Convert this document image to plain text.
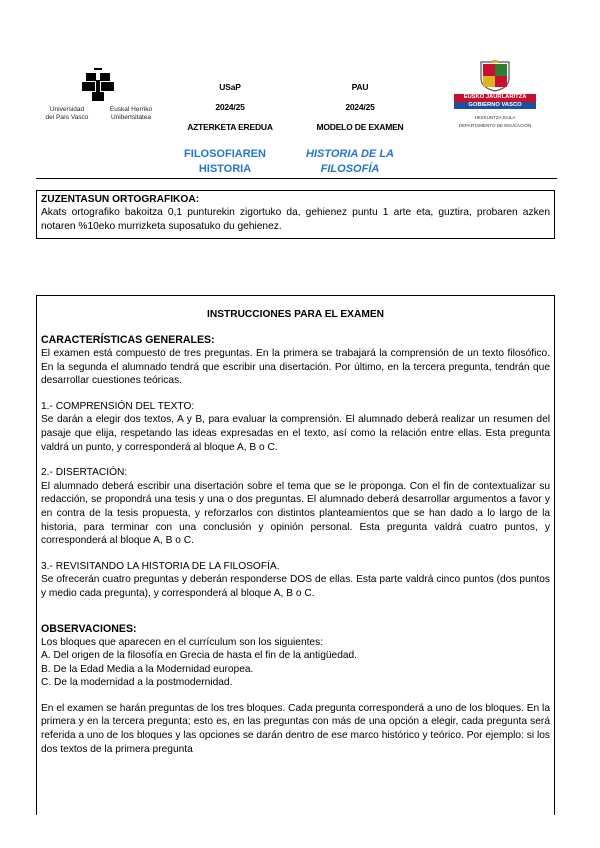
Universidad
del País Vasco
Euskal Herriko
Unibertsitatea
USaP
2024/25
AZTERKETA EREDUA
PAU
2024/25
MODELO DE EXAMEN
EUSKO JAURLARITZA
GOBIERNO VASCO
HEZKUNTZA SAILA
DEPARTAMENTO DE EDUCACIÓN
FILOSOFIAREN
HISTORIA
HISTORIA DE LA
FILOSOFÍA
ZUZENTASUN ORTOGRAFIKOA:

Akats ortografiko bakoitza 0,1 punturekin zigortuko da, gehienez puntu 1 arte eta, guztira, probaren azken notaren %10eko murrizketa suposatuko du gehienez.

INSTRUCCIONES PARA EL EXAMEN
CARACTERÍSTICAS GENERALES:

El examen está compuesto de tres preguntas. En la primera se trabajará la comprensión de un texto filosófico. En la segunda el alumnado tendrá que escribir una disertación. Por último, en la tercera pregunta, tendrán que desarrollar cuestiones teóricas.

1.- COMPRENSIÓN DEL TEXTO:

Se darán a elegir dos textos, A y B, para evaluar la comprensión. El alumnado deberá realizar un resumen del pasaje que elija, respetando las ideas expresadas en el texto, así como la relación entre ellas. Esta pregunta valdrá un punto, y corresponderá al bloque A, B o C.

2.- DISERTACIÓN:

El alumnado deberá escribir una disertación sobre el tema que se le proponga. Con el fin de contextualizar su redacción, se propondrá una tesis y una o dos preguntas. El alumnado deberá desarrollar argumentos a favor y en contra de la tesis propuesta, y reforzarlos con distintos planteamientos que se han dado a lo largo de la historia, para terminar con una conclusión y opinión personal. Esta pregunta valdrá cuatro puntos, y corresponderá al bloque A, B o C.

3.- REVISITANDO LA HISTORIA DE LA FILOSOFÍA.

Se ofrecerán cuatro preguntas y deberán responderse DOS de ellas. Esta parte valdrá cinco puntos (dos puntos y medio cada pregunta), y corresponderá al bloque A, B o C.

OBSERVACIONES:
Los bloques que aparecen en el currículum son los siguientes:
A. Del origen de la filosofía en Grecia de hasta el fin de la antigüedad.
B. De la Edad Media a la Modernidad europea.
C. De la modernidad a la postmodernidad.

En el examen se harán preguntas de los tres bloques. Cada pregunta corresponderá a uno de los bloques. En la primera y en la tercera pregunta; esto es, en las preguntas con más de una opción a elegir, cada pregunta será referida a uno de los bloques y las opciones se darán dentro de ese marco histórico y teórico. Por ejemplo: si los dos textos de la primera pregunta
